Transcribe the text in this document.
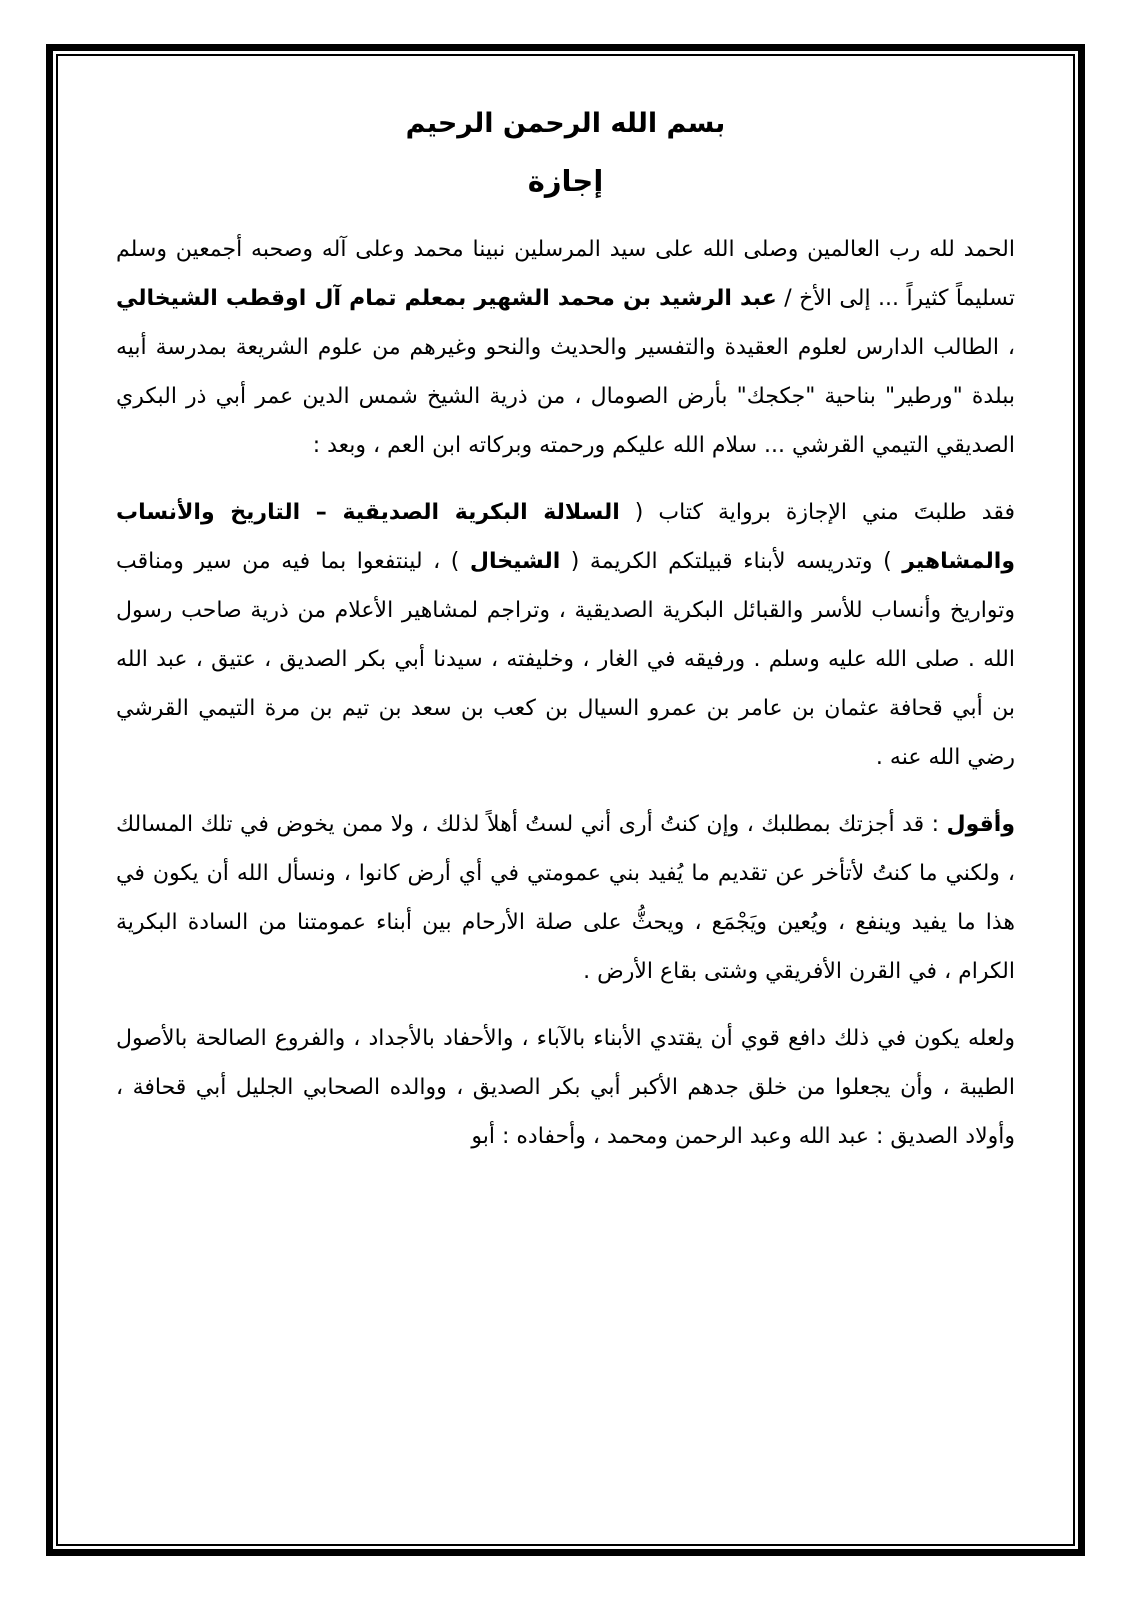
بسم الله الرحمن الرحيم
إجازة

الحمد لله رب العالمين وصلى الله على سيد المرسلين نبينا محمد وعلى آله وصحبه أجمعين وسلم تسليماً كثيراً ... إلى الأخ / عبد الرشيد بن محمد الشهير بمعلم تمام آل اوقطب الشيخالي ، الطالب الدارس لعلوم العقيدة والتفسير والحديث والنحو وغيرهم من علوم الشريعة بمدرسة أبيه ببلدة "ورطير" بناحية "جكجك" بأرض الصومال ، من ذرية الشيخ شمس الدين عمر أبي ذر البكري الصديقي التيمي القرشي ... سلام الله عليكم ورحمته وبركاته ابن العم ، وبعد :

فقد طلبتَ مني الإجازة برواية كتاب ( السلالة البكرية الصديقية – التاريخ والأنساب والمشاهير ) وتدريسه لأبناء قبيلتكم الكريمة ( الشيخال ) ، لينتفعوا بما فيه من سير ومناقب وتواريخ وأنساب للأسر والقبائل البكرية الصديقية ، وتراجم لمشاهير الأعلام من ذرية صاحب رسول الله . صلى الله عليه وسلم . ورفيقه في الغار ، وخليفته ، سيدنا أبي بكر الصديق ، عتيق ، عبد الله بن أبي قحافة عثمان بن عامر بن عمرو السيال بن كعب بن سعد بن تيم بن مرة التيمي القرشي رضي الله عنه .

وأقول : قد أجزتك بمطلبك ، وإن كنتُ أرى أني لستُ أهلاً لذلك ، ولا ممن يخوض في تلك المسالك ، ولكني ما كنتُ لأتأخر عن تقديم ما يُفيد بني عمومتي في أي أرض كانوا ، ونسأل الله أن يكون في هذا ما يفيد وينفع ، ويُعين ويَجْمَع ، ويحثُّ على صلة الأرحام بين أبناء عمومتنا من السادة البكرية الكرام ، في القرن الأفريقي وشتى بقاع الأرض .

ولعله يكون في ذلك دافع قوي أن يقتدي الأبناء بالآباء ، والأحفاد بالأجداد ، والفروع الصالحة بالأصول الطيبة ، وأن يجعلوا من خلق جدهم الأكبر أبي بكر الصديق ، ووالده الصحابي الجليل أبي قحافة ، وأولاد الصديق : عبد الله وعبد الرحمن ومحمد ، وأحفاده : أبو
